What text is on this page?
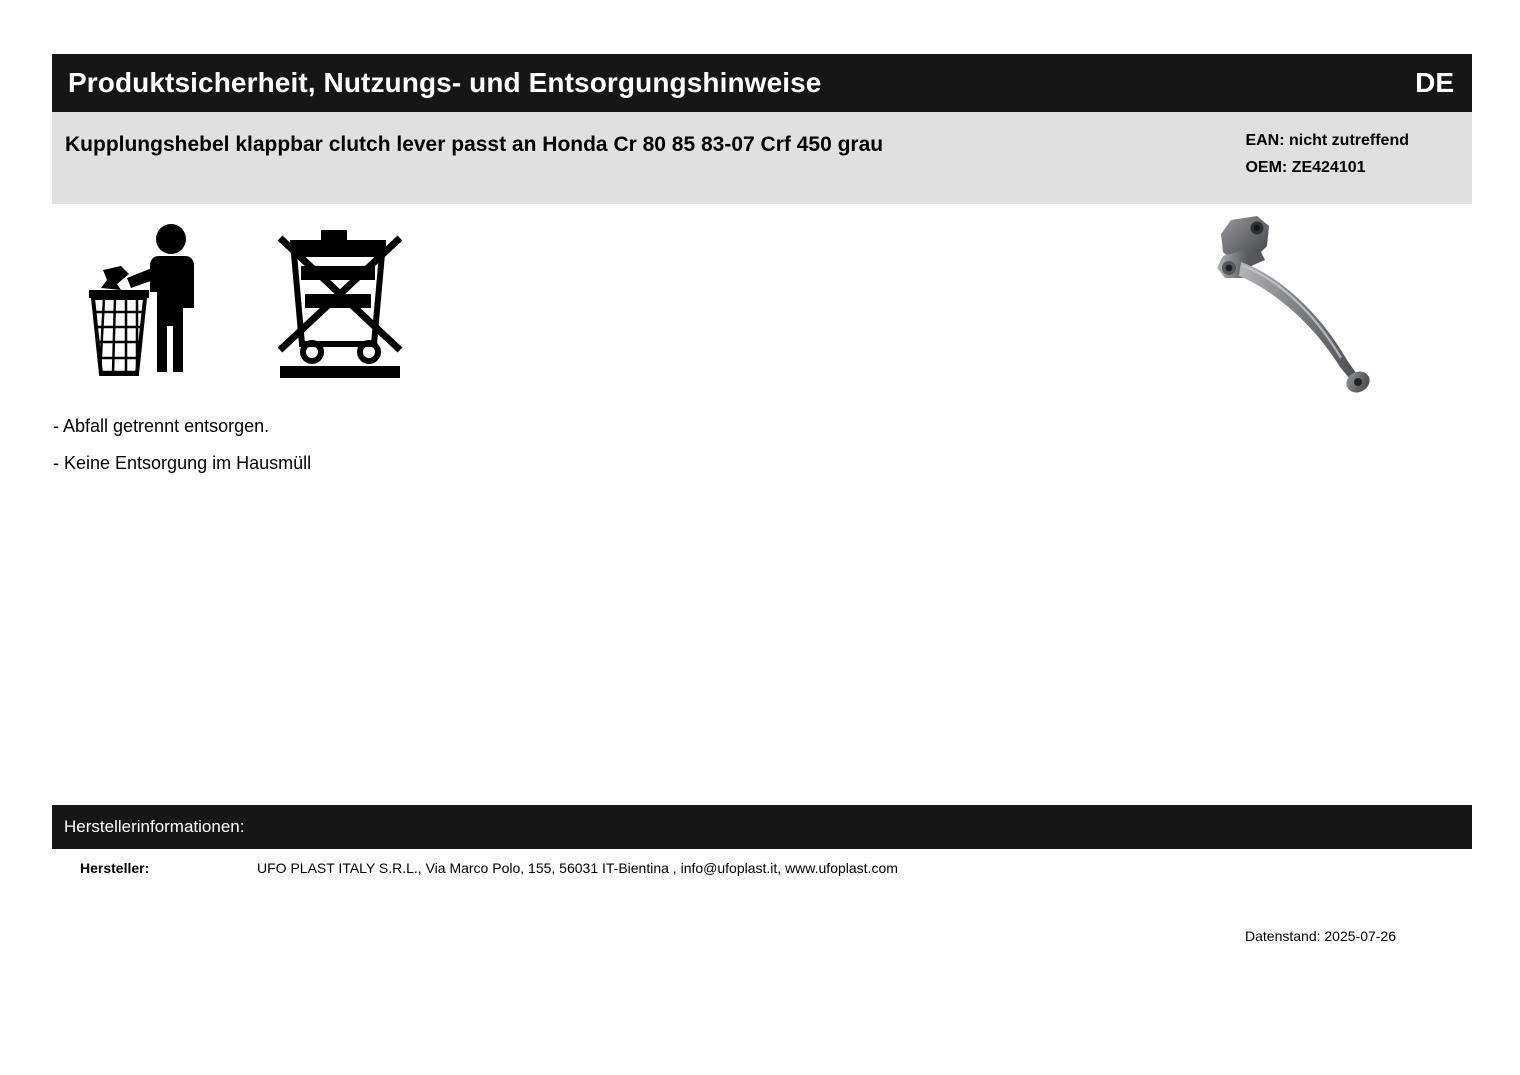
Produktsicherheit, Nutzungs- und Entsorgungshinweise	DE
Kupplungshebel klappbar clutch lever passt an Honda Cr 80 85 83-07 Crf 450 grau	EAN: nicht zutreffend
OEM: ZE424101
- Abfall getrennt entsorgen.
- Keine Entsorgung im Hausmüll
Herstellerinformationen:
Hersteller:	UFO PLAST ITALY S.R.L., Via Marco Polo, 155, 56031 IT-Bientina , info@ufoplast.it, www.ufoplast.com
Datenstand: 2025-07-26
